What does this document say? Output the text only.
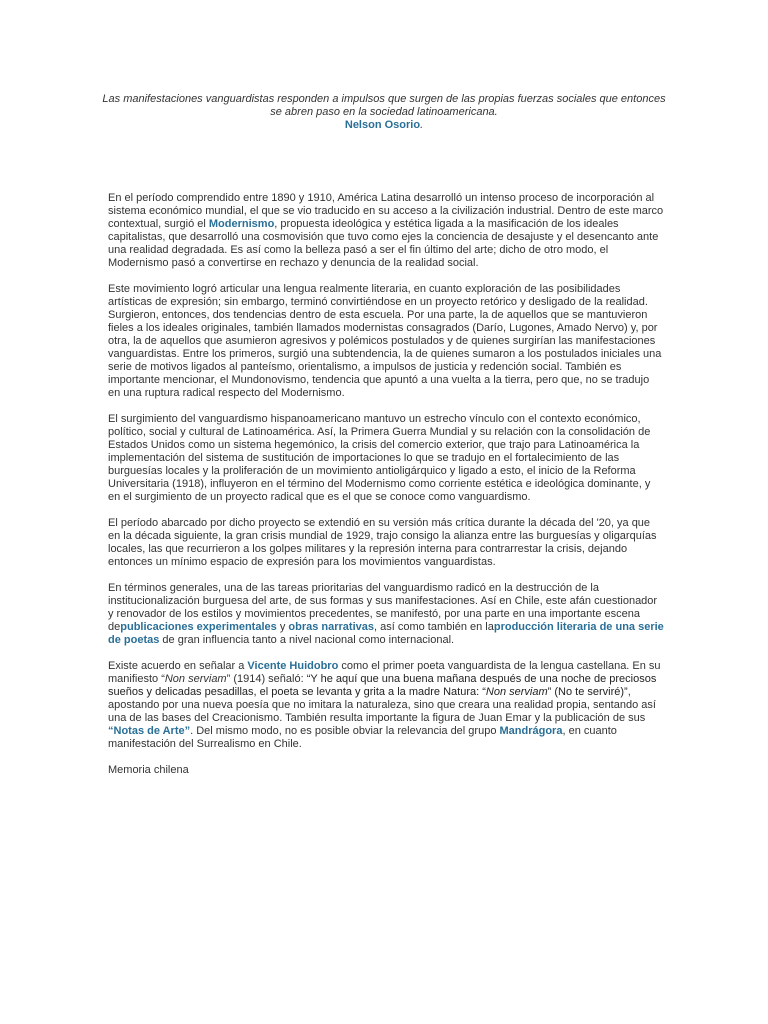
Las manifestaciones vanguardistas responden a impulsos que surgen de las propias fuerzas sociales que entonces se abren paso en la sociedad latinoamericana.
Nelson Osorio.

En el período comprendido entre 1890 y 1910, América Latina desarrolló un intenso proceso de incorporación al sistema económico mundial, el que se vio traducido en su acceso a la civilización industrial. Dentro de este marco contextual, surgió el Modernismo, propuesta ideológica y estética ligada a la masificación de los ideales capitalistas, que desarrolló una cosmovisión que tuvo como ejes la conciencia de desajuste y el desencanto ante una realidad degradada. Es así como la belleza pasó a ser el fin último del arte; dicho de otro modo, el Modernismo pasó a convertirse en rechazo y denuncia de la realidad social.

Este movimiento logró articular una lengua realmente literaria, en cuanto exploración de las posibilidades artísticas de expresión; sin embargo, terminó convirtiéndose en un proyecto retórico y desligado de la realidad. Surgieron, entonces, dos tendencias dentro de esta escuela. Por una parte, la de aquellos que se mantuvieron fieles a los ideales originales, también llamados modernistas consagrados (Darío, Lugones, Amado Nervo) y, por otra, la de aquellos que asumieron agresivos y polémicos postulados y de quienes surgirían las manifestaciones vanguardistas. Entre los primeros, surgió una subtendencia, la de quienes sumaron a los postulados iniciales una serie de motivos ligados al panteísmo, orientalismo, a impulsos de justicia y redención social. También es importante mencionar, el Mundonovismo, tendencia que apuntó a una vuelta a la tierra, pero que, no se tradujo en una ruptura radical respecto del Modernismo.

El surgimiento del vanguardismo hispanoamericano mantuvo un estrecho vínculo con el contexto económico, político, social y cultural de Latinoamérica. Así, la Primera Guerra Mundial y su relación con la consolidación de Estados Unidos como un sistema hegemónico, la crisis del comercio exterior, que trajo para Latinoamérica la implementación del sistema de sustitución de importaciones lo que se tradujo en el fortalecimiento de las burguesías locales y la proliferación de un movimiento antioligárquico y ligado a esto, el inicio de la Reforma Universitaria (1918), influyeron en el término del Modernismo como corriente estética e ideológica dominante, y en el surgimiento de un proyecto radical que es el que se conoce como vanguardismo.

El período abarcado por dicho proyecto se extendió en su versión más crítica durante la década del '20, ya que en la década siguiente, la gran crisis mundial de 1929, trajo consigo la alianza entre las burguesías y oligarquías locales, las que recurrieron a los golpes militares y la represión interna para contrarrestar la crisis, dejando entonces un mínimo espacio de expresión para los movimientos vanguardistas.

En términos generales, una de las tareas prioritarias del vanguardismo radicó en la destrucción de la institucionalización burguesa del arte, de sus formas y sus manifestaciones. Así en Chile, este afán cuestionador y renovador de los estilos y movimientos precedentes, se manifestó, por una parte en una importante escena depublicaciones experimentales y obras narrativas, así como también en laproducción literaria de una serie de poetas de gran influencia tanto a nivel nacional como internacional.

Existe acuerdo en señalar a Vicente Huidobro como el primer poeta vanguardista de la lengua castellana. En su manifiesto “Non serviam” (1914) señaló: “Y he aquí que una buena mañana después de una noche de preciosos sueños y delicadas pesadillas, el poeta se levanta y grita a la madre Natura: “Non serviam” (No te serviré)”, apostando por una nueva poesía que no imitara la naturaleza, sino que creara una realidad propia, sentando así una de las bases del Creacionismo. También resulta importante la figura de Juan Emar y la publicación de sus “Notas de Arte”. Del mismo modo, no es posible obviar la relevancia del grupo Mandrágora, en cuanto manifestación del Surrealismo en Chile.

Memoria chilena
